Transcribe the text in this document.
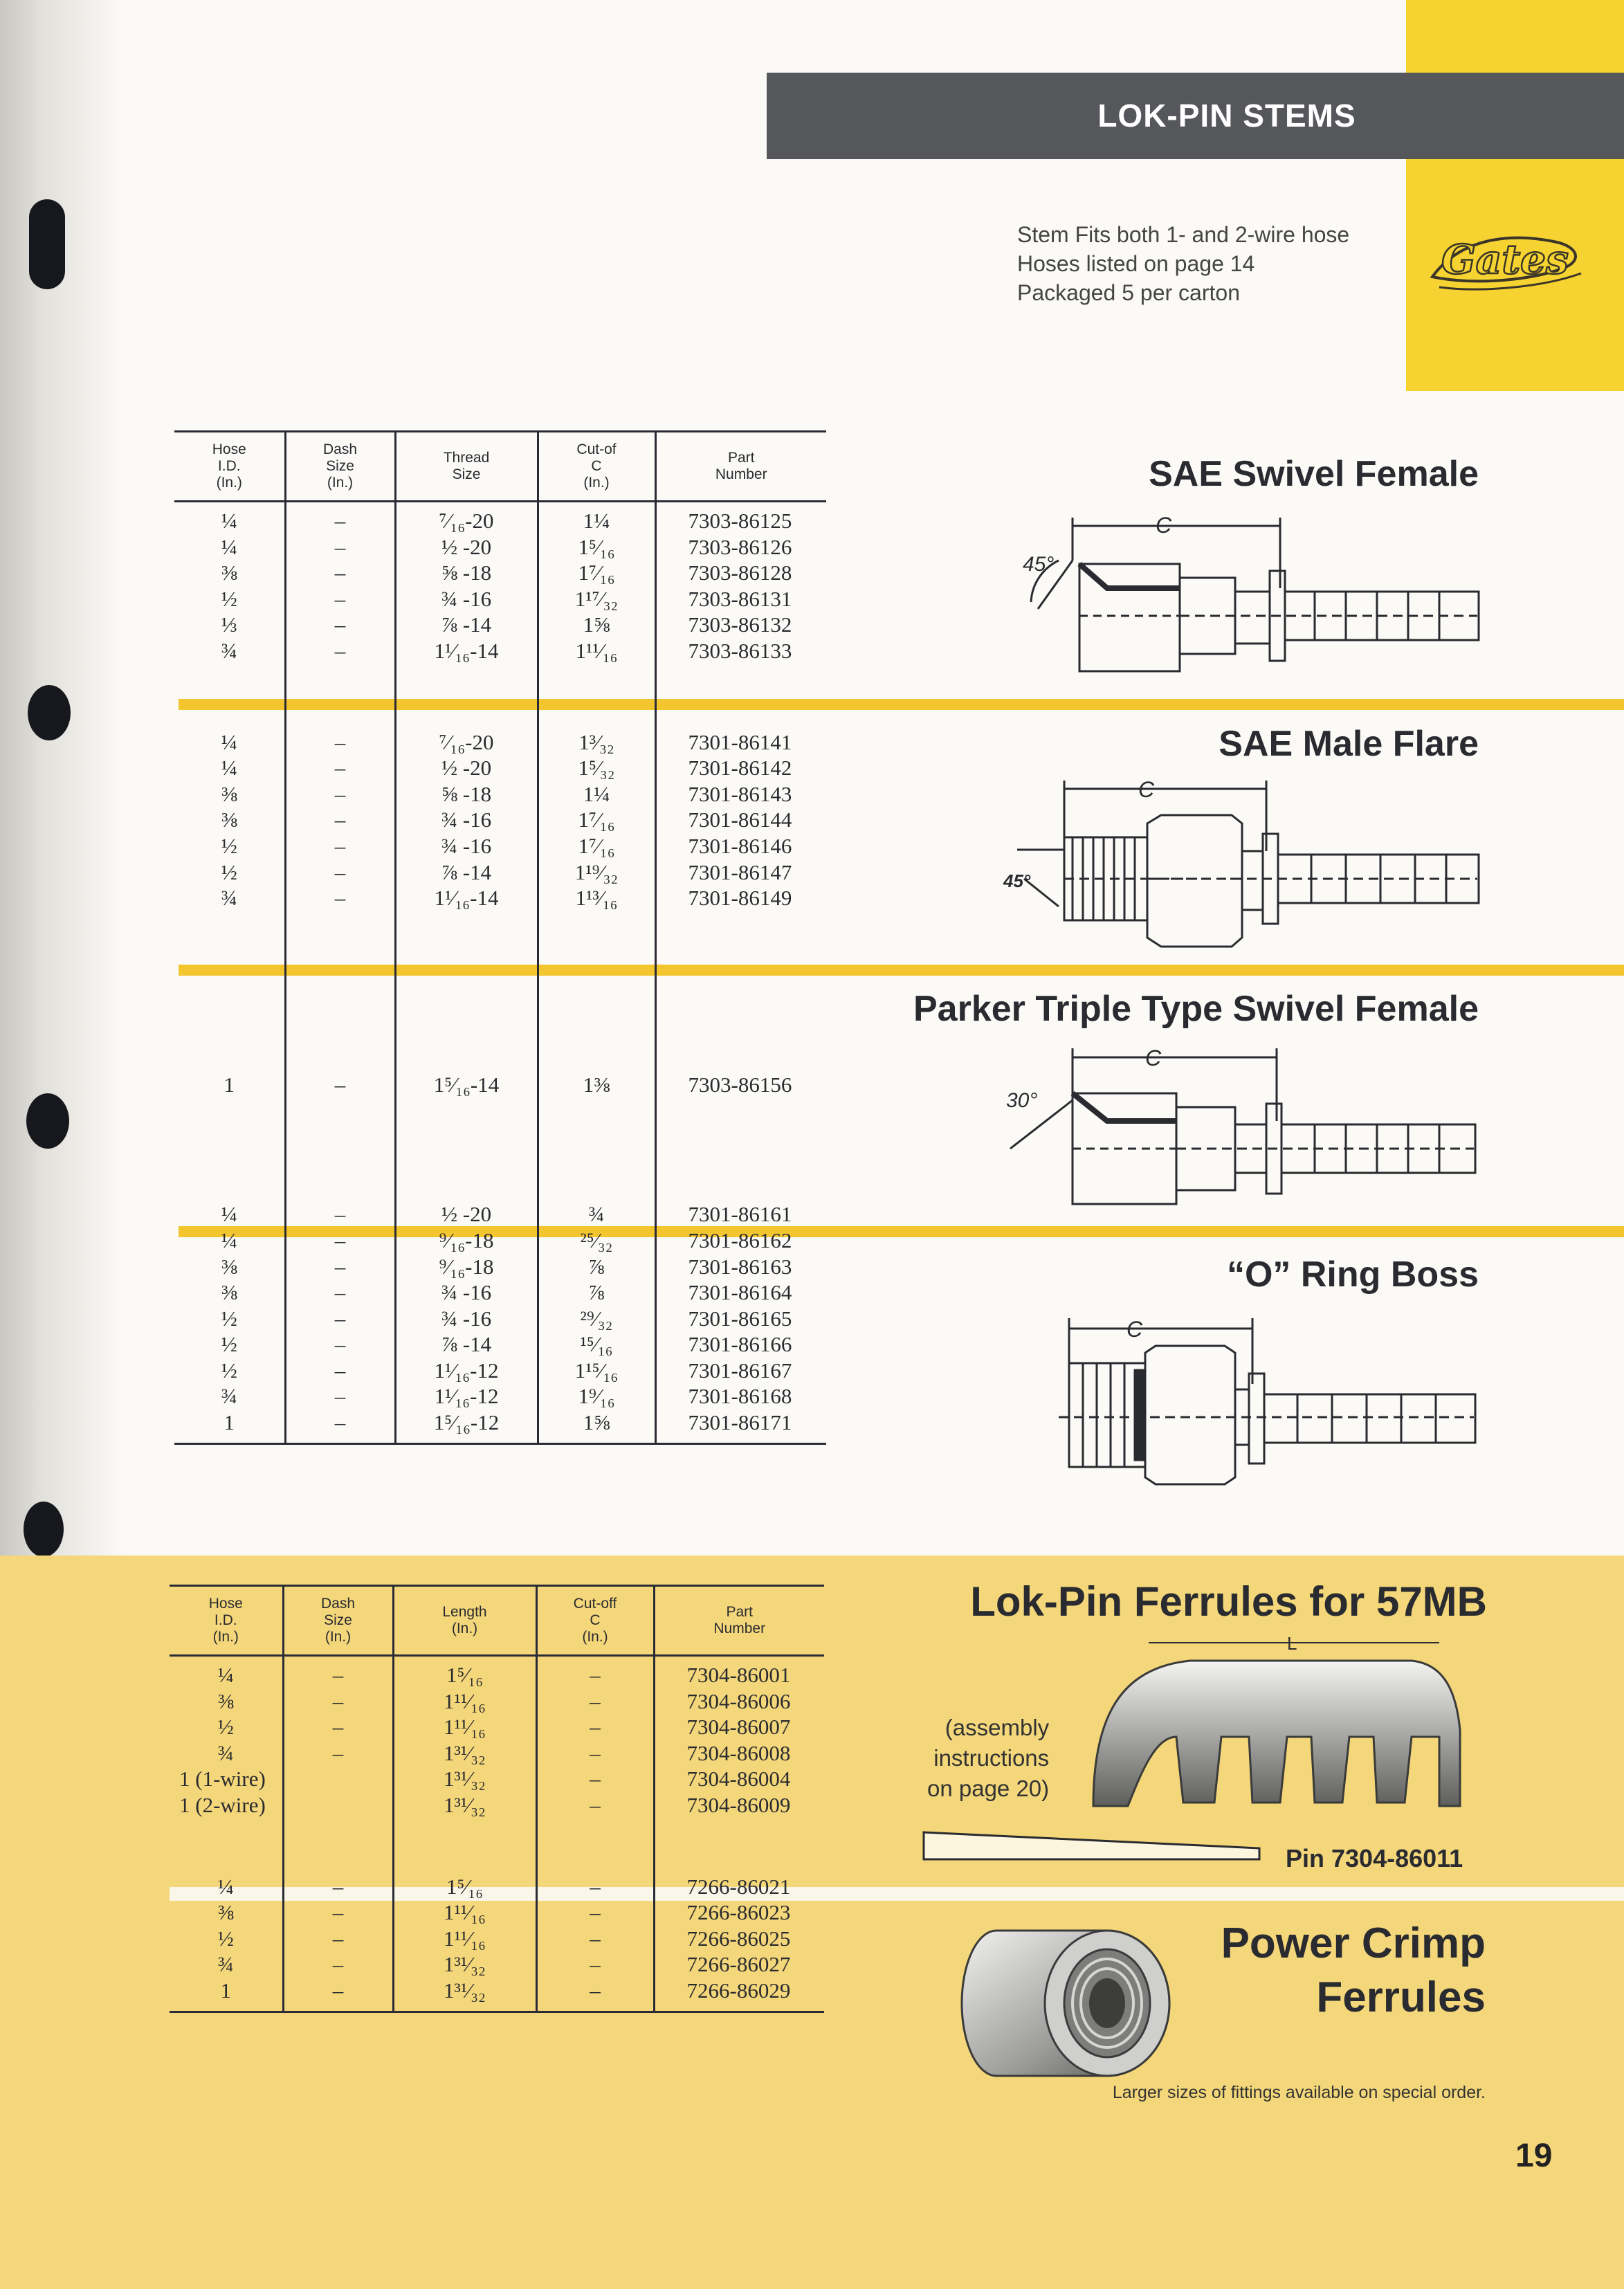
LOK-PIN STEMS
Stem Fits both 1- and 2-wire hose
Hoses listed on page 14
Packaged 5 per carton
Gates
Hose
I.D.
(In.)	Dash
Size
(In.)	Thread
Size	Cut-of
C
(In.)	Part
Number

¼	–	⁷⁄₁₆-20	1¼	7303-86125
¼	–	½ -20	1⁵⁄₁₆	7303-86126
⅜	–	⅝ -18	1⁷⁄₁₆	7303-86128
½	–	¾ -16	1¹⁷⁄₃₂	7303-86131
⅓	–	⅞ -14	1⅝	7303-86132
¾	–	1¹⁄₁₆-14	1¹¹⁄₁₆	7303-86133

¼	–	⁷⁄₁₆-20	1³⁄₃₂	7301-86141
¼	–	½ -20	1⁵⁄₃₂	7301-86142
⅜	–	⅝ -18	1¼	7301-86143
⅜	–	¾ -16	1⁷⁄₁₆	7301-86144
½	–	¾ -16	1⁷⁄₁₆	7301-86146
½	–	⅞ -14	1¹⁹⁄₃₂	7301-86147
¾	–	1¹⁄₁₆-14	1¹³⁄₁₆	7301-86149

1	–	1⁵⁄₁₆-14	1⅜	7303-86156

¼	–	½ -20	¾	7301-86161
¼	–	⁹⁄₁₆-18	²⁵⁄₃₂	7301-86162
⅜	–	⁹⁄₁₆-18	⅞	7301-86163
⅜	–	¾ -16	⅞	7301-86164
½	–	¾ -16	²⁹⁄₃₂	7301-86165
½	–	⅞ -14	¹⁵⁄₁₆	7301-86166
½	–	1¹⁄₁₆-12	1¹⁵⁄₁₆	7301-86167
¾	–	1¹⁄₁₆-12	1⁹⁄₁₆	7301-86168
1	–	1⁵⁄₁₆-12	1⅝	7301-86171

Hose
I.D.
(In.)	Dash
Size
(In.)	Length
(In.)	Cut-off
C
(In.)	Part
Number

¼	–	1⁵⁄₁₆	–	7304-86001
⅜	–	1¹¹⁄₁₆	–	7304-86006
½	–	1¹¹⁄₁₆	–	7304-86007
¾	–	1³¹⁄₃₂	–	7304-86008
1 (1-wire)		1³¹⁄₃₂	–	7304-86004
1 (2-wire)		1³¹⁄₃₂	–	7304-86009

¼	–	1⁵⁄₁₆	–	7266-86021
⅜	–	1¹¹⁄₁₆	–	7266-86023
½	–	1¹¹⁄₁₆	–	7266-86025
¾	–	1³¹⁄₃₂	–	7266-86027
1	–	1³¹⁄₃₂	–	7266-86029

SAE Swivel Female
SAE Male Flare
Parker Triple Type Swivel Female
“O” Ring Boss
Lok-Pin Ferrules for 57MB
Power Crimp
Ferrules
45°
C
45°
C
30°
C
C
L
(assembly
instructions
on page 20)
Pin 7304-86011
Larger sizes of fittings available on special order.
19
